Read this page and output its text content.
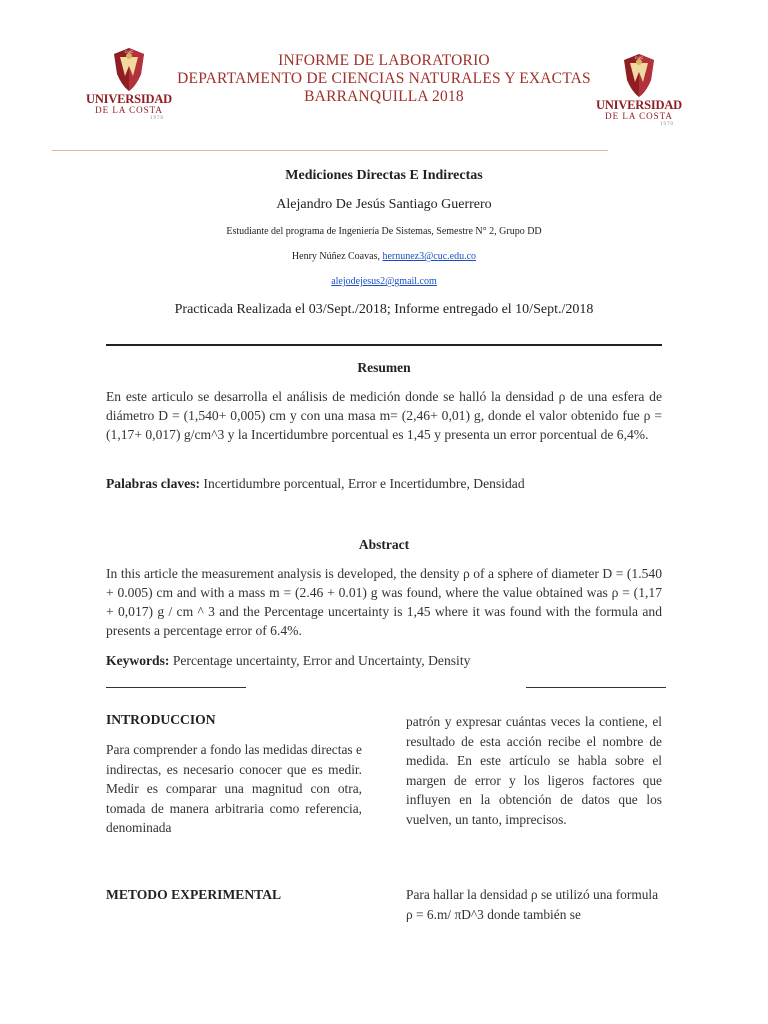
INFORME DE LABORATORIO
DEPARTAMENTO DE CIENCIAS NATURALES Y EXACTAS
BARRANQUILLA 2018
CUC
UNIVERSIDAD
DE LA COSTA
1970
CUC
UNIVERSIDAD
DE LA COSTA
1970
Mediciones Directas E Indirectas
Alejandro De Jesús Santiago Guerrero
Estudiante del programa de Ingeniería De Sistemas, Semestre N° 2, Grupo DD
Henry Núñez Coavas, hernunez3@cuc.edu.co
alejodejesus2@gmail.com
Practicada Realizada el 03/Sept./2018; Informe entregado el 10/Sept./2018
Resumen
En este articulo se desarrolla el análisis de medición donde se halló la densidad ρ de una esfera de diámetro D = (1,540+ 0,005) cm y con una masa m= (2,46+ 0,01) g, donde el valor obtenido fue ρ = (1,17+ 0,017) g/cm^3 y la Incertidumbre porcentual es 1,45 y presenta un error porcentual de 6,4%.
Palabras claves: Incertidumbre porcentual, Error e Incertidumbre, Densidad
Abstract
In this article the measurement analysis is developed, the density ρ of a sphere of diameter D = (1.540 + 0.005) cm and with a mass m = (2.46 + 0.01) g was found, where the value obtained was ρ = (1,17 + 0,017) g / cm ^ 3 and the Percentage uncertainty is 1,45 where it was found with the formula and presents a percentage error of 6.4%.
Keywords: Percentage uncertainty, Error and Uncertainty, Density
INTRODUCCION
Para comprender a fondo las medidas directas e indirectas, es necesario conocer que es medir. Medir es comparar una magnitud con otra, tomada de manera arbitraria como referencia, denominada
patrón y expresar cuántas veces la contiene, el resultado de esta acción recibe el nombre de medida. En este artículo se habla sobre el margen de error y los ligeros factores que influyen en la obtención de datos que los vuelven, un tanto, imprecisos.
METODO EXPERIMENTAL	Para hallar la densidad ρ se utilizó una formula ρ = 6.m/ πD^3 donde también se
